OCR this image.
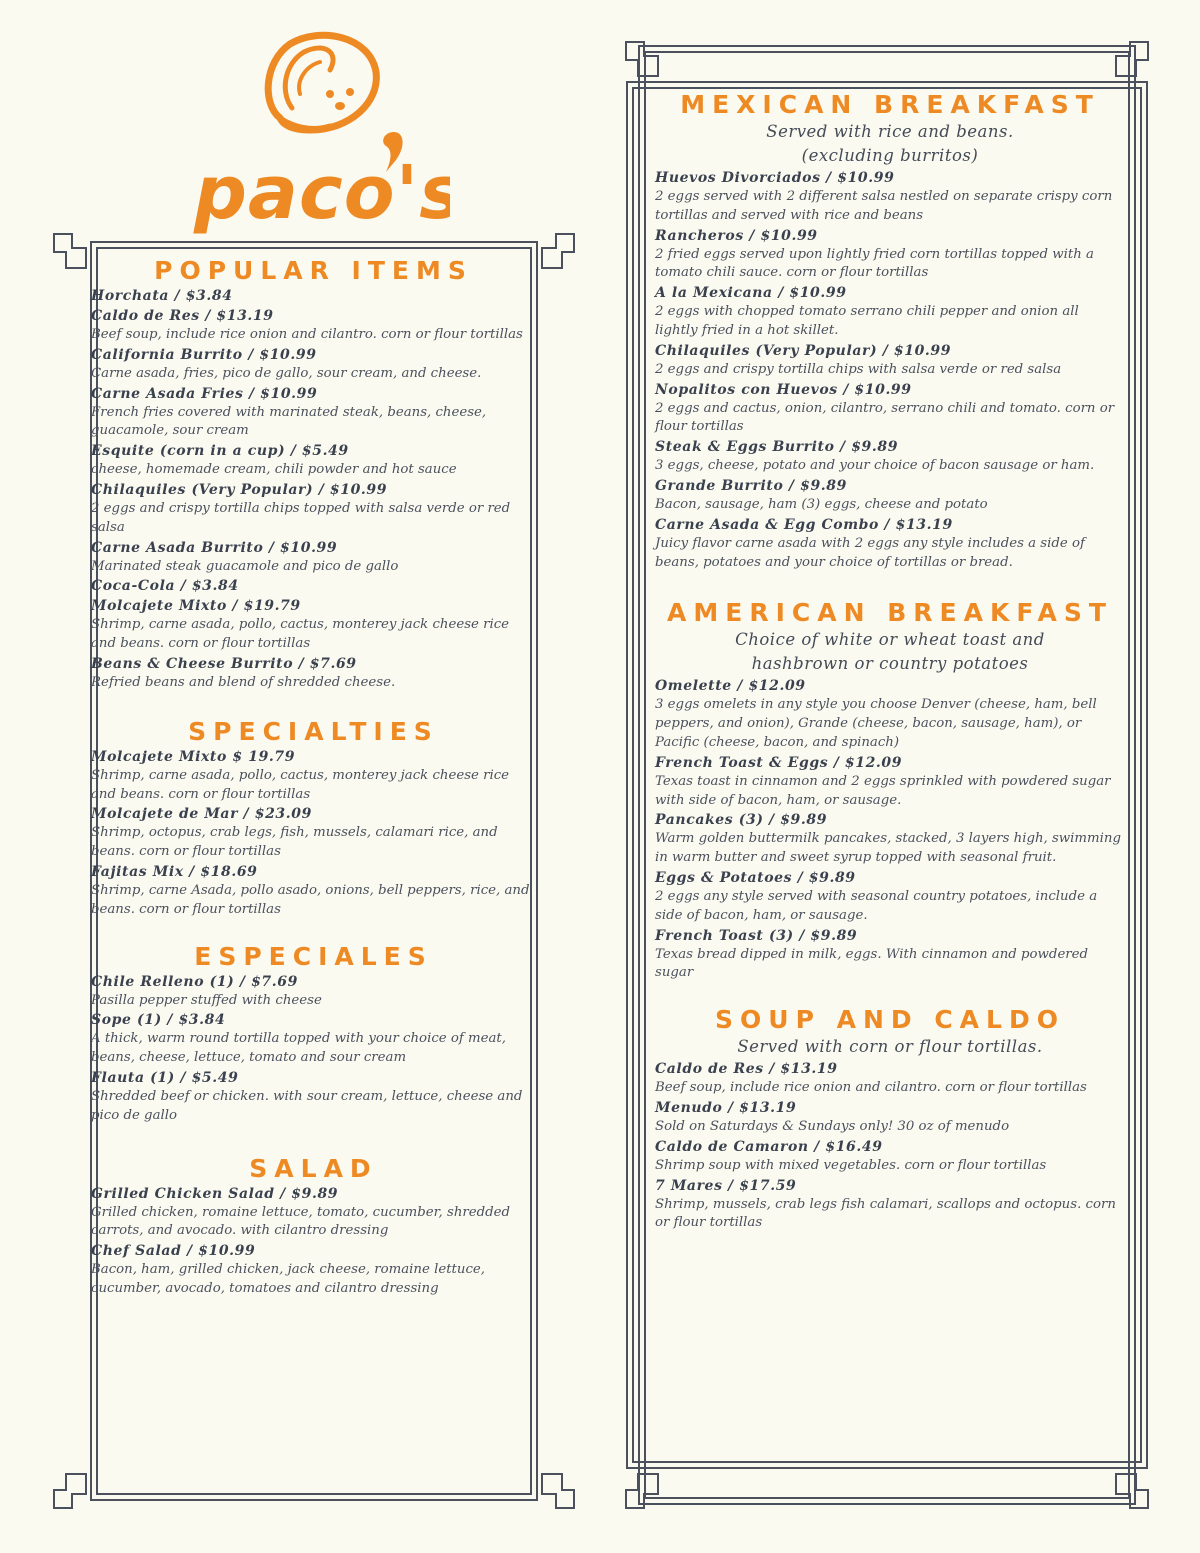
paco's
POPULAR ITEMS
Horchata / $3.84
Caldo de Res / $13.19
Beef soup, include rice onion and cilantro. corn or flour tortillas
California Burrito / $10.99
Carne asada, fries, pico de gallo, sour cream, and cheese.
Carne Asada Fries / $10.99
French fries covered with marinated steak, beans, cheese, guacamole, sour cream
Esquite (corn in a cup) / $5.49
cheese, homemade cream, chili powder and hot sauce
Chilaquiles (Very Popular) / $10.99
2 eggs and crispy tortilla chips topped with salsa verde or red salsa
Carne Asada Burrito / $10.99
Marinated steak guacamole and pico de gallo
Coca-Cola / $3.84
Molcajete Mixto / $19.79
Shrimp, carne asada, pollo, cactus, monterey jack cheese rice and beans. corn or flour tortillas
Beans & Cheese Burrito / $7.69
Refried beans and blend of shredded cheese.
SPECIALTIES
Molcajete Mixto $ 19.79
Shrimp, carne asada, pollo, cactus, monterey jack cheese rice and beans. corn or flour tortillas
Molcajete de Mar / $23.09
Shrimp, octopus, crab legs, fish, mussels, calamari rice, and beans. corn or flour tortillas
Fajitas Mix / $18.69
Shrimp, carne Asada, pollo asado, onions, bell peppers, rice, and beans. corn or flour tortillas
ESPECIALES
Chile Relleno (1) / $7.69
Pasilla pepper stuffed with cheese
Sope (1) / $3.84
A thick, warm round tortilla topped with your choice of meat, beans, cheese, lettuce, tomato and sour cream
Flauta (1) / $5.49
Shredded beef or chicken. with sour cream, lettuce, cheese and pico de gallo
SALAD
Grilled Chicken Salad / $9.89
Grilled chicken, romaine lettuce, tomato, cucumber, shredded carrots, and avocado. with cilantro dressing
Chef Salad / $10.99
Bacon, ham, grilled chicken, jack cheese, romaine lettuce, cucumber, avocado, tomatoes and cilantro dressing
MEXICAN BREAKFAST
Served with rice and beans.
(excluding burritos)
Huevos Divorciados / $10.99
2 eggs served with 2 different salsa nestled on separate crispy corn tortillas and served with rice and beans
Rancheros / $10.99
2 fried eggs served upon lightly fried corn tortillas topped with a tomato chili sauce. corn or flour tortillas
A la Mexicana / $10.99
2 eggs with chopped tomato serrano chili pepper and onion all lightly fried in a hot skillet.
Chilaquiles (Very Popular) / $10.99
2 eggs and crispy tortilla chips with salsa verde or red salsa
Nopalitos con Huevos / $10.99
2 eggs and cactus, onion, cilantro, serrano chili and tomato. corn or flour tortillas
Steak & Eggs Burrito / $9.89
3 eggs, cheese, potato and your choice of bacon sausage or ham.
Grande Burrito / $9.89
Bacon, sausage, ham (3) eggs, cheese and potato
Carne Asada & Egg Combo / $13.19
Juicy flavor carne asada with 2 eggs any style includes a side of beans, potatoes and your choice of tortillas or bread.
AMERICAN BREAKFAST
Choice of white or wheat toast and
hashbrown or country potatoes
Omelette / $12.09
3 eggs omelets in any style you choose Denver (cheese, ham, bell peppers, and onion), Grande (cheese, bacon, sausage, ham), or Pacific (cheese, bacon, and spinach)
French Toast & Eggs / $12.09
Texas toast in cinnamon and 2 eggs sprinkled with powdered sugar with side of bacon, ham, or sausage.
Pancakes (3) / $9.89
Warm golden buttermilk pancakes, stacked, 3 layers high, swimming in warm butter and sweet syrup topped with seasonal fruit.
Eggs & Potatoes / $9.89
2 eggs any style served with seasonal country potatoes, include a side of bacon, ham, or sausage.
French Toast (3) / $9.89
Texas bread dipped in milk, eggs. With cinnamon and powdered sugar
SOUP AND CALDO
Served with corn or flour tortillas.
Caldo de Res / $13.19
Beef soup, include rice onion and cilantro. corn or flour tortillas
Menudo / $13.19
Sold on Saturdays & Sundays only! 30 oz of menudo
Caldo de Camaron / $16.49
Shrimp soup with mixed vegetables. corn or flour tortillas
7 Mares / $17.59
Shrimp, mussels, crab legs fish calamari, scallops and octopus. corn or flour tortillas
